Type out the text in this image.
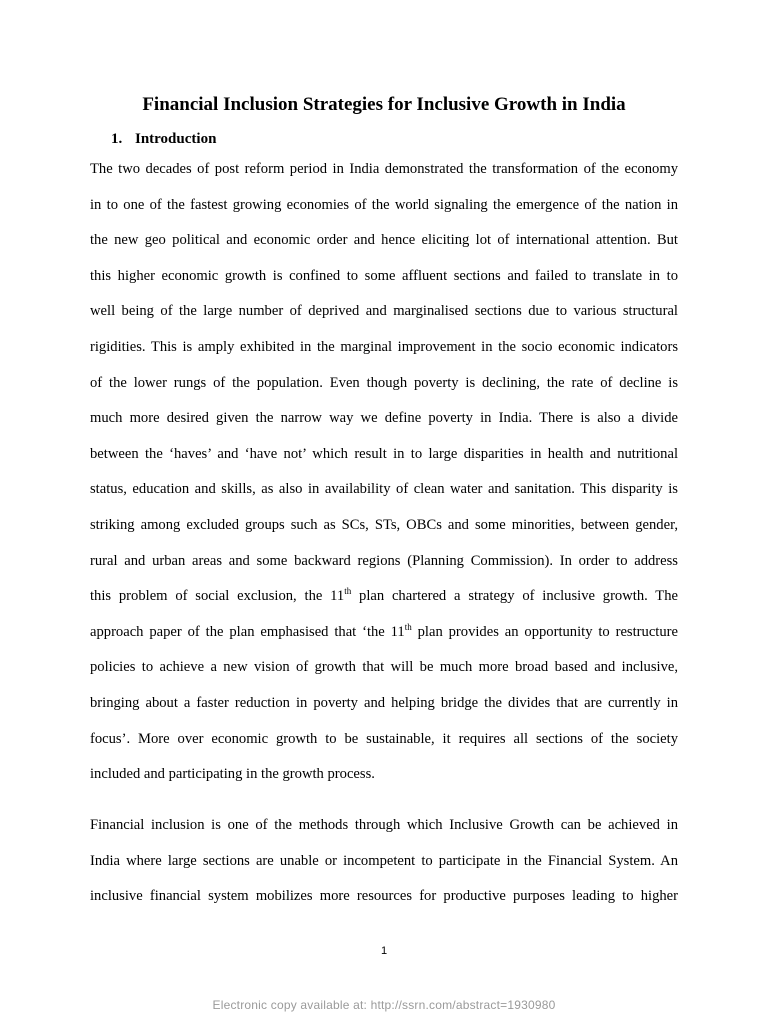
Financial Inclusion Strategies for Inclusive Growth in India
1. Introduction

The two decades of post reform period in India demonstrated the transformation of the economy
in to one of the fastest growing economies of the world signaling the emergence of the nation in
the new geo political and economic order and hence eliciting lot of international attention. But
this higher economic growth is confined to some affluent sections and failed to translate in to
well being of the large number of deprived and marginalised sections due to various structural
rigidities. This is amply exhibited in the marginal improvement in the socio economic indicators
of the lower rungs of the population. Even though poverty is declining, the rate of decline is
much more desired given the narrow way we define poverty in India. There is also a divide
between the ‘haves’ and ‘have not’ which result in to large disparities in health and nutritional
status, education and skills, as also in availability of clean water and sanitation. This disparity is
striking among excluded groups such as SCs, STs, OBCs and some minorities, between gender,
rural and urban areas and some backward regions (Planning Commission). In order to address
this problem of social exclusion, the 11th plan chartered a strategy of inclusive growth. The
approach paper of the plan emphasised that ‘the 11th plan provides an opportunity to restructure
policies to achieve a new vision of growth that will be much more broad based and inclusive,
bringing about a faster reduction in poverty and helping bridge the divides that are currently in
focus’. More over economic growth to be sustainable, it requires all sections of the society
included and participating in the growth process.

Financial inclusion is one of the methods through which Inclusive Growth can be achieved in
India where large sections are unable or incompetent to participate in the Financial System. An
inclusive financial system mobilizes more resources for productive purposes leading to higher

1
Electronic copy available at: http://ssrn.com/abstract=1930980
